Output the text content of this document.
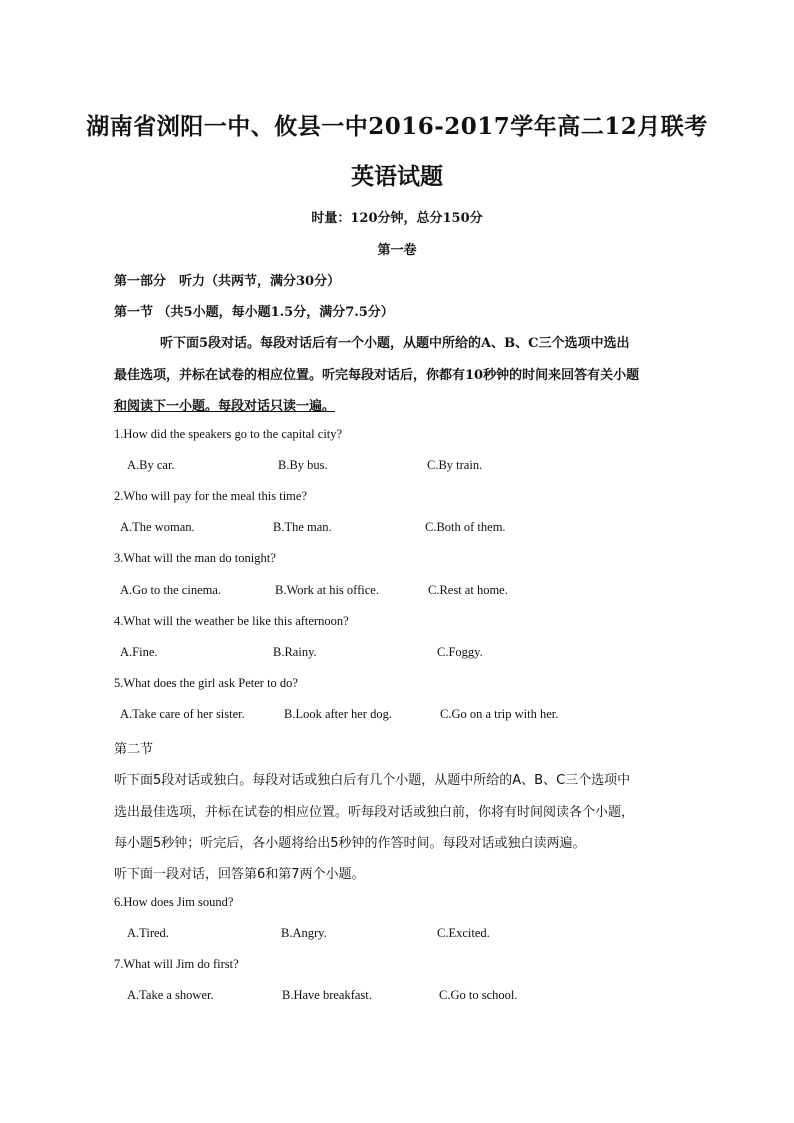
湖南省浏阳一中、攸县一中2016-2017学年高二12月联考
英语试题
时量：120分钟，总分150分
第一卷
第一部分　听力（共两节，满分30分）
第一节 （共5小题，每小题1.5分，满分7.5分）
听下面5段对话。每段对话后有一个小题，从题中所给的A、B、C三个选项中选出
最佳选项，并标在试卷的相应位置。听完每段对话后，你都有10秒钟的时间来回答有关小题
和阅读下一小题。每段对话只读一遍。
1.How did the speakers go to the capital city?
A.By car.	B.By bus.	C.By train.
2.Who will pay for the meal this time?
A.The woman.	B.The man.	C.Both of them.
3.What will the man do tonight?
A.Go to the cinema.	B.Work at his office.	C.Rest at home.
4.What will the weather be like this afternoon?
A.Fine.	B.Rainy.	C.Foggy.
5.What does the girl ask Peter to do?
A.Take care of her sister.	B.Look after her dog.	C.Go on a trip with her.
第二节
听下面5段对话或独白。每段对话或独白后有几个小题，从题中所给的A、B、C三个选项中
选出最佳选项，并标在试卷的相应位置。听每段对话或独白前，你将有时间阅读各个小题，
每小题5秒钟；听完后，各小题将给出5秒钟的作答时间。每段对话或独白读两遍。
听下面一段对话，回答第6和第7两个小题。
6.How does Jim sound?
A.Tired.	B.Angry.	C.Excited.
7.What will Jim do first?
A.Take a shower.	B.Have breakfast.	C.Go to school.
